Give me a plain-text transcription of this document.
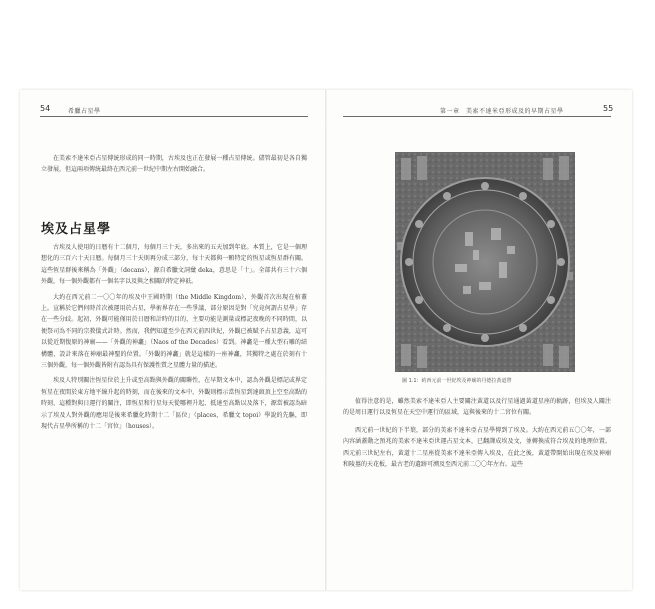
54	希臘占星學	第一章　美索不達米亞形成及的早期占星學	55

在美索不達米亞占星傳統形成的同一時期，古埃及也正在發展一種占星傳統。儘管最初是各自獨立發展，但這兩項傳統最終在西元前一世紀中期左右開始融合。

埃及占星學

古埃及人使用的日曆有十二個月，每個月三十天，多出來的五天加到年底。本質上，它是一個理想化的三百六十天日曆。每個月三十天則再分成三部分，每十天都與一顆特定的恆星或恆星群有關。這些恆星群後來稱為「外觀」（decans），源自希臘文詞彙 deka，意思是「十」。全部共有三十六個外觀，每一個外觀都有一個名字以及與之相關的特定神祇。

大約在西元前二一〇〇年的埃及中王國時期（the Middle Kingdom），外觀首次出現在棺蓋上。宣稱於它們何時首次被運用於占星，學術界存在一些爭議，部分原因是對「究竟何謂占星學」存在一些分歧。起初，外觀可能僅用於日曆和計時的目的，主要功能是測量或標記夜晚的不同時間，以便祭司為不同的宗教儀式計時。然而，我們知道至少在西元前四世紀，外觀已被賦予占星意義，這可以從近期復原的神廟——「外觀的神龕」（Naos of the Decades）看到。神龕是一種大型石雕的結構體，設計來落在神廟最神聖的位置。「外觀的神龕」就是這樣的一座神龕，其獨特之處在於刻有十三個外觀，每一個外觀皆附有認為具有保護性質之星體力量的描述。

埃及人特別關注恆星位於上升或至高點與外觀的關聯性，在早期文本中，認為外觀是標記或界定恆星在夜間於東方地平線升起的時刻，而在後來的文本中，外觀則標示當恆星到達頭頂上空至高點的時刻，這種對與日運行的關注，即恆星和行星每天從哪裡升起、抵達至高點以及落下，源當被認為暗示了埃及人對外觀的應用是後來希臘化時期十二「區位」（places，希臘文 topoi）學說的先驅，即現代占星學所稱的十二「宮位」（houses）。

圖 1.1：約西元前一世紀埃及神廟的丹德拉黃道帶

值得注意的是，雖然美索不達米亞人主要關注黃道以及行星通過黃道星座的軌跡，但埃及人關注的是周日運行以及恆星在天空中運行的區域，這與後來的十二宮位有關。

西元前一世紀的下半葉，部分的美索不達米亞占星學傳到了埃及。大約在西元前五〇〇年，一部內容涵蓋動之預兆的美索不達米亞世運占星文本，已翻譯成埃及文，並轉換成符合埃及的地理位置。西元前三世紀左右，黃道十二星座從美索不達米亞傳入埃及，在此之後，黃道帶開始出現在埃及神廟和陵墓的天花板，最古老的遺跡可溯及至西元前二〇〇年左右。這些
